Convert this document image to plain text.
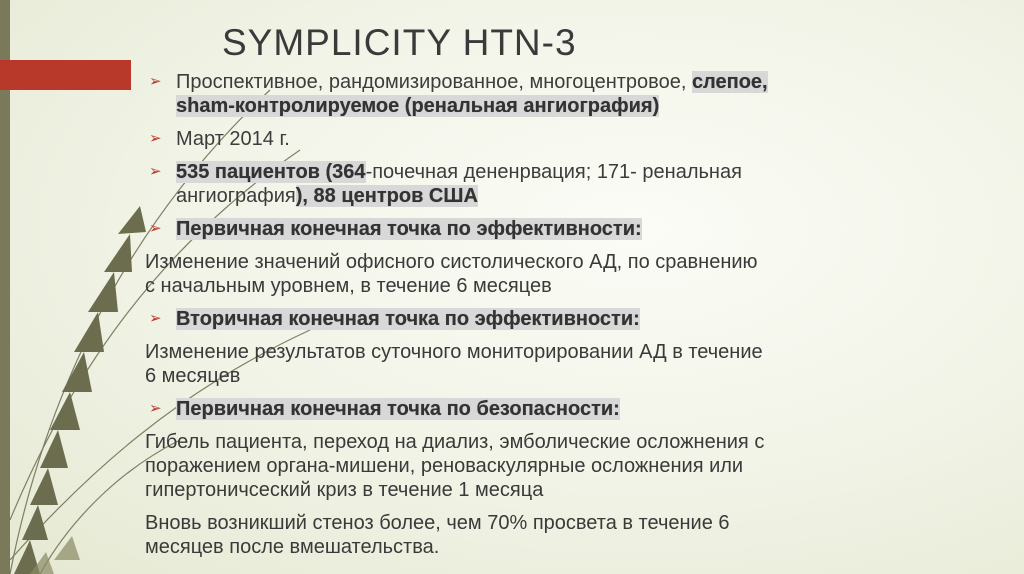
SYMPLICITY HTN-3
➢ Проспективное, рандомизированное, многоцентровое, слепое,
sham-контролируемое (ренальная ангиография)
➢ Март 2014 г.
➢ 535 пациентов (364-почечная дененрвация; 171- ренальная
ангиография), 88 центров США
➢ Первичная конечная точка по эффективности:
Изменение значений офисного систолического АД, по сравнению
с начальным уровнем, в течение 6 месяцев
➢ Вторичная конечная точка по эффективности:
Изменение результатов суточного мониторировании АД в течение
6 месяцев
➢ Первичная конечная точка по безопасности:
Гибель пациента, переход на диализ, эмболические осложнения с
поражением органа-мишени, реноваскулярные осложнения или
гипертоничсеский криз в течение 1 месяца
Вновь возникший стеноз более, чем 70% просвета в течение 6
месяцев после вмешательства.
